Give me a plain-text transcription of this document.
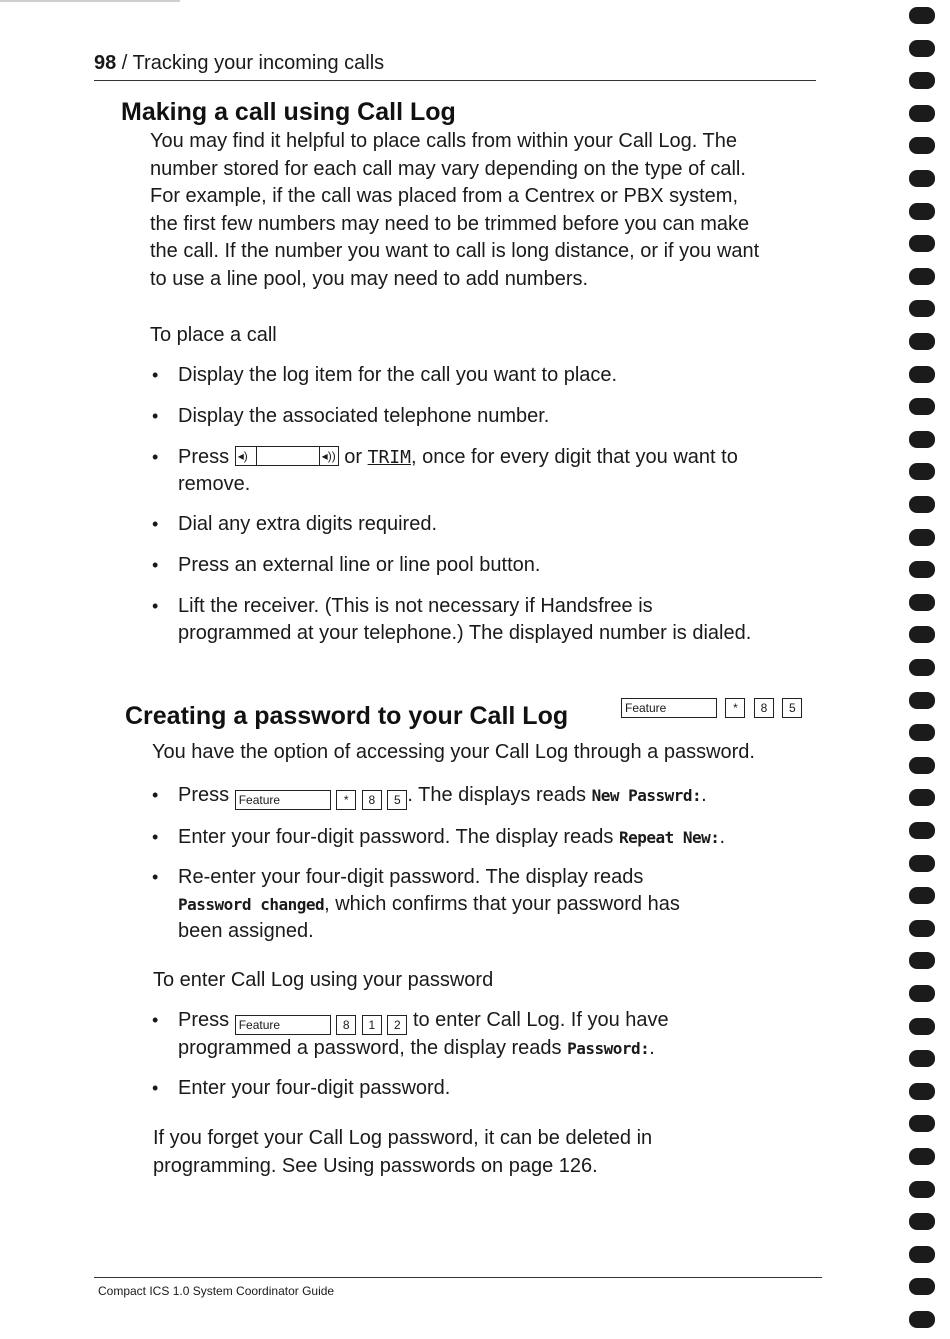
98 / Tracking your incoming calls
Making a call using Call Log
You may find it helpful to place calls from within your Call Log. The
number stored for each call may vary depending on the type of call.
For example, if the call was placed from a Centrex or PBX system,
the first few numbers may need to be trimmed before you can make
the call. If the number you want to call is long distance, or if you want
to use a line pool, you may need to add numbers.
To place a call
• Display the log item for the call you want to place.
• Display the associated telephone number.
• Press ◂)	◂)) or TRIM, once for every digit that you want to
remove.
• Dial any extra digits required.
• Press an external line or line pool button.
• Lift the receiver. (This is not necessary if Handsfree is
programmed at your telephone.) The displayed number is dialed.
Creating a password to your Call Log	Feature	* 8 5
You have the option of accessing your Call Log through a password.
• Press Feature	* 8 5 . The displays reads New Passwrd:.
• Enter your four-digit password. The display reads Repeat New:.
• Re-enter your four-digit password. The display reads
Password changed, which confirms that your password has
been assigned.
To enter Call Log using your password
• Press Feature	8 1 2 to enter Call Log. If you have
programmed a password, the display reads Password:.
• Enter your four-digit password.
If you forget your Call Log password, it can be deleted in
programming. See Using passwords on page 126.
Compact ICS 1.0 System Coordinator Guide
